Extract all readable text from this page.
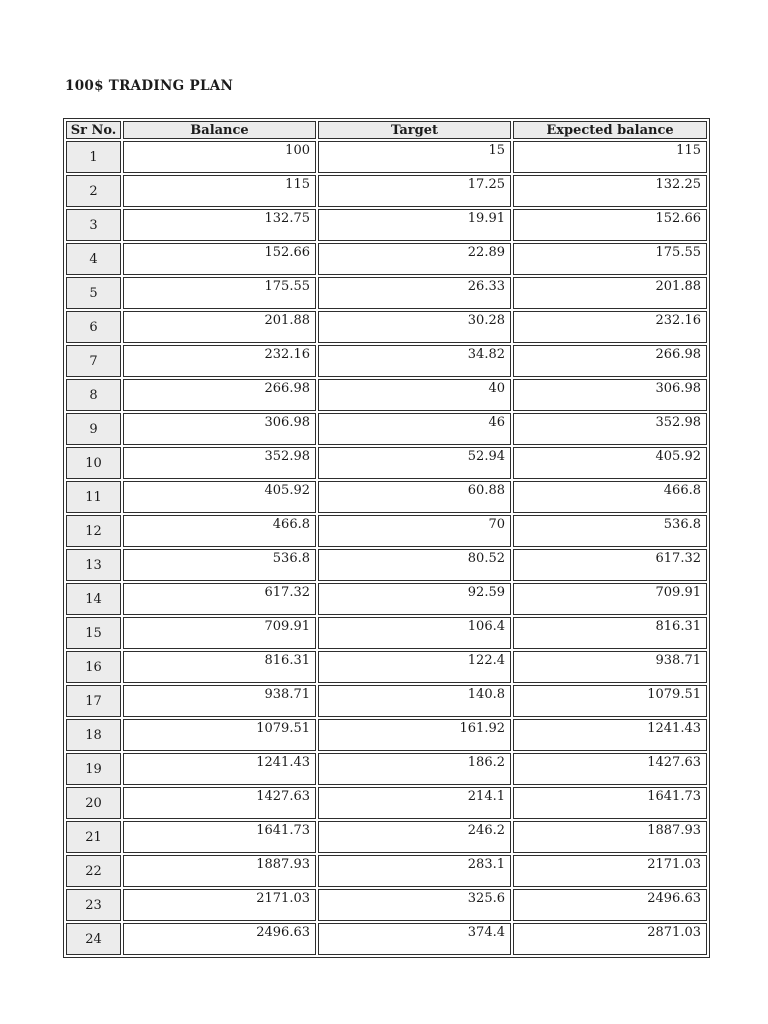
100$ TRADING PLAN
Sr No.	Balance	Target	Expected balance
1	100	15	115
2	115	17.25	132.25
3	132.75	19.91	152.66
4	152.66	22.89	175.55
5	175.55	26.33	201.88
6	201.88	30.28	232.16
7	232.16	34.82	266.98
8	266.98	40	306.98
9	306.98	46	352.98
10	352.98	52.94	405.92
11	405.92	60.88	466.8
12	466.8	70	536.8
13	536.8	80.52	617.32
14	617.32	92.59	709.91
15	709.91	106.4	816.31
16	816.31	122.4	938.71
17	938.71	140.8	1079.51
18	1079.51	161.92	1241.43
19	1241.43	186.2	1427.63
20	1427.63	214.1	1641.73
21	1641.73	246.2	1887.93
22	1887.93	283.1	2171.03
23	2171.03	325.6	2496.63
24	2496.63	374.4	2871.03
